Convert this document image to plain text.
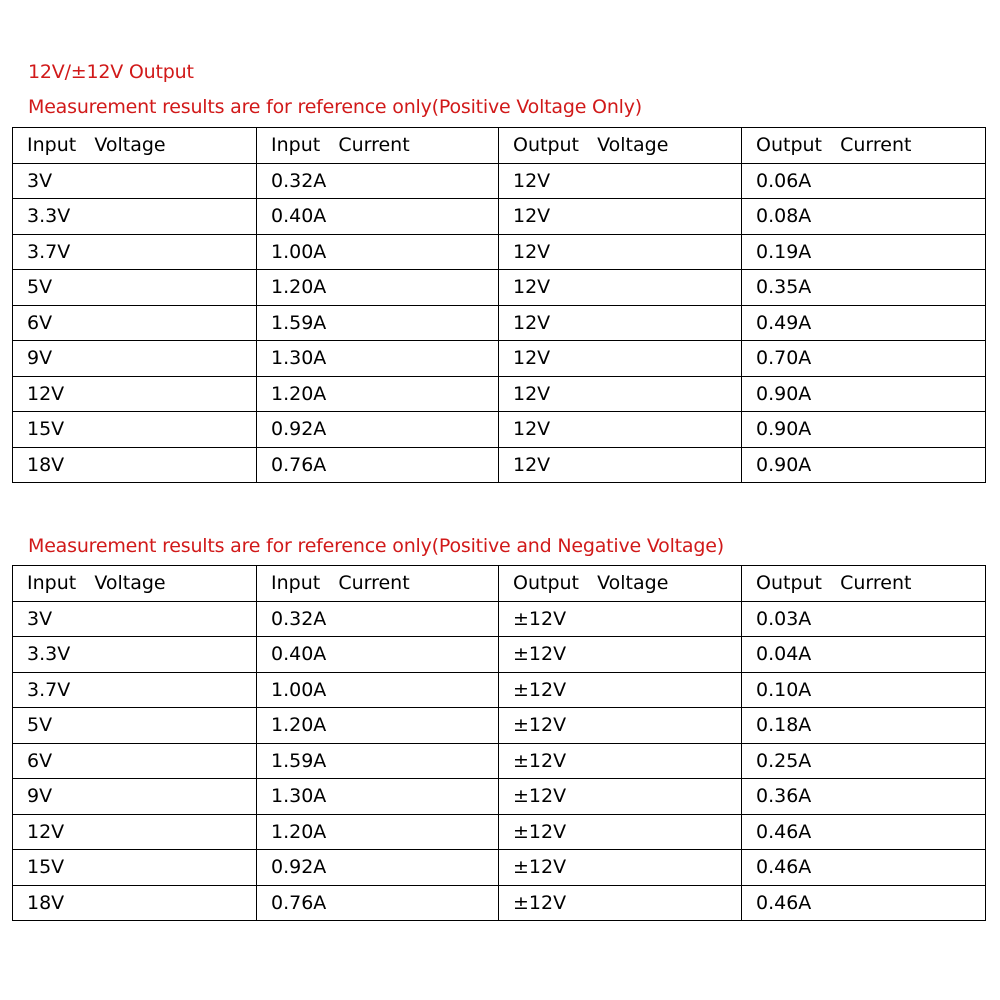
12V/±12V Output
Measurement results are for reference only(Positive Voltage Only)
Input   Voltage	Input   Current	Output   Voltage	Output   Current
3V	0.32A	12V	0.06A
3.3V	0.40A	12V	0.08A
3.7V	1.00A	12V	0.19A
5V	1.20A	12V	0.35A
6V	1.59A	12V	0.49A
9V	1.30A	12V	0.70A
12V	1.20A	12V	0.90A
15V	0.92A	12V	0.90A
18V	0.76A	12V	0.90A
Measurement results are for reference only(Positive and Negative Voltage)
Input   Voltage	Input   Current	Output   Voltage	Output   Current
3V	0.32A	±12V	0.03A
3.3V	0.40A	±12V	0.04A
3.7V	1.00A	±12V	0.10A
5V	1.20A	±12V	0.18A
6V	1.59A	±12V	0.25A
9V	1.30A	±12V	0.36A
12V	1.20A	±12V	0.46A
15V	0.92A	±12V	0.46A
18V	0.76A	±12V	0.46A
